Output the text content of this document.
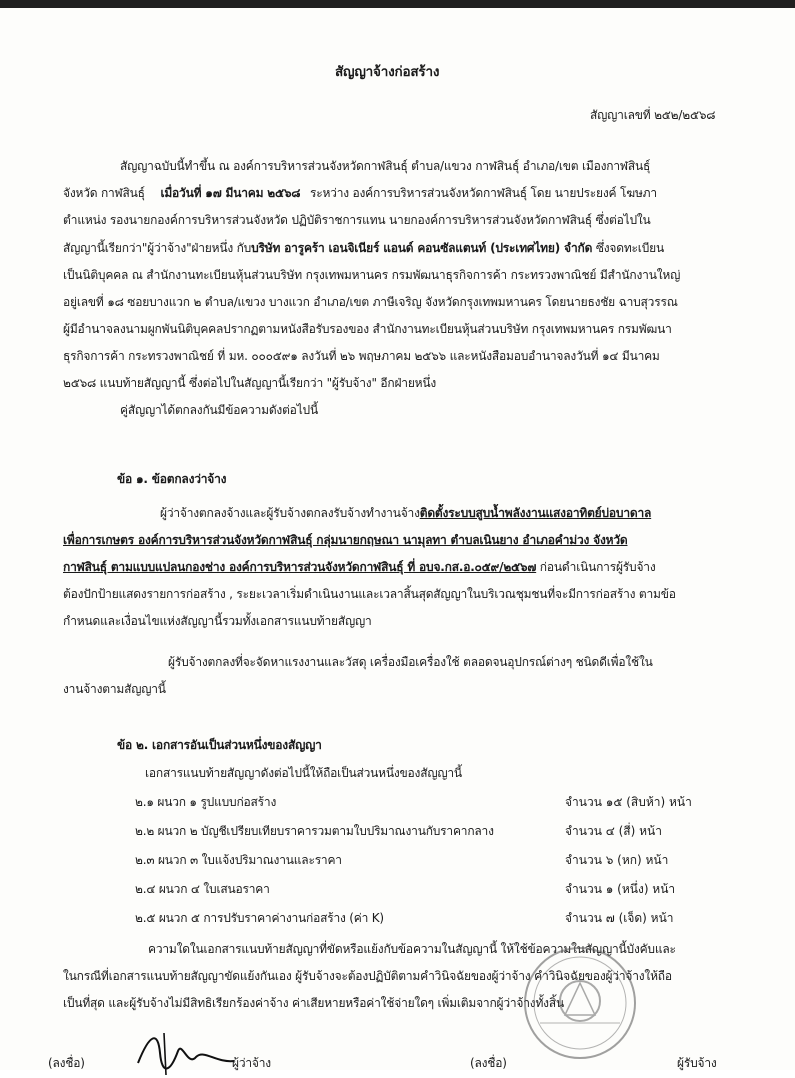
สัญญาจ้างก่อสร้าง
สัญญาเลขที่ ๒๕๒/๒๕๖๘
สัญญาฉบับนี้ทำขึ้น ณ องค์การบริหารส่วนจังหวัดกาฬสินธุ์ ตำบล/แขวง กาฬสินธุ์ อำเภอ/เขต เมืองกาฬสินธุ์
จังหวัด กาฬสินธุ์ เมื่อวันที่ ๑๗ มีนาคม ๒๕๖๘ ระหว่าง องค์การบริหารส่วนจังหวัดกาฬสินธุ์ โดย นายประยงค์ โฆษภา
ตำแหน่ง รองนายกองค์การบริหารส่วนจังหวัด ปฏิบัติราชการแทน นายกองค์การบริหารส่วนจังหวัดกาฬสินธุ์ ซึ่งต่อไปใน
สัญญานี้เรียกว่า"ผู้ว่าจ้าง"ฝ่ายหนึ่ง กับบริษัท อารูคร้า เอนจิเนียร์ แอนด์ คอนซัลแตนท์ (ประเทศไทย) จำกัด ซึ่งจดทะเบียน
เป็นนิติบุคคล ณ สำนักงานทะเบียนหุ้นส่วนบริษัท กรุงเทพมหานคร กรมพัฒนาธุรกิจการค้า กระทรวงพาณิชย์ มีสำนักงานใหญ่
อยู่เลขที่ ๑๘ ซอยบางแวก ๒ ตำบล/แขวง บางแวก อำเภอ/เขต ภาษีเจริญ จังหวัดกรุงเทพมหานคร โดยนายธงชัย ฉาบสุวรรณ
ผู้มีอำนาจลงนามผูกพันนิติบุคคลปรากฏตามหนังสือรับรองของ สำนักงานทะเบียนหุ้นส่วนบริษัท กรุงเทพมหานคร กรมพัฒนา
ธุรกิจการค้า กระทรวงพาณิชย์ ที่ มห. ๐๐๐๕๙๑ ลงวันที่ ๒๖ พฤษภาคม ๒๕๖๖ และหนังสือมอบอำนาจลงวันที่ ๑๔ มีนาคม
๒๕๖๘ แนบท้ายสัญญานี้ ซึ่งต่อไปในสัญญานี้เรียกว่า "ผู้รับจ้าง" อีกฝ่ายหนึ่ง
คู่สัญญาได้ตกลงกันมีข้อความดังต่อไปนี้
ข้อ ๑. ข้อตกลงว่าจ้าง
ผู้ว่าจ้างตกลงจ้างและผู้รับจ้างตกลงรับจ้างทำงานจ้างติดตั้งระบบสูบน้ำพลังงานแสงอาทิตย์บ่อบาดาล
เพื่อการเกษตร องค์การบริหารส่วนจังหวัดกาฬสินธุ์ กลุ่มนายกฤษณา นามุลทา ตำบลเนินยาง อำเภอคำม่วง จังหวัด
กาฬสินธุ์ ตามแบบแปลนกองช่าง องค์การบริหารส่วนจังหวัดกาฬสินธุ์ ที่ อบจ.กส.อ.๐๕๙/๒๕๖๗ ก่อนดำเนินการผู้รับจ้าง
ต้องปักป้ายแสดงรายการก่อสร้าง , ระยะเวลาเริ่มดำเนินงานและเวลาสิ้นสุดสัญญาในบริเวณชุมชนที่จะมีการก่อสร้าง ตามข้อ
กำหนดและเงื่อนไขแห่งสัญญานี้รวมทั้งเอกสารแนบท้ายสัญญา
ผู้รับจ้างตกลงที่จะจัดหาแรงงานและวัสดุ เครื่องมือเครื่องใช้ ตลอดจนอุปกรณ์ต่างๆ ชนิดดีเพื่อใช้ใน
งานจ้างตามสัญญานี้
ข้อ ๒. เอกสารอันเป็นส่วนหนึ่งของสัญญา
เอกสารแนบท้ายสัญญาดังต่อไปนี้ให้ถือเป็นส่วนหนึ่งของสัญญานี้
๒.๑ ผนวก ๑ รูปแบบก่อสร้าง	จำนวน ๑๕ (สิบห้า) หน้า
๒.๒ ผนวก ๒ บัญชีเปรียบเทียบราคารวมตามใบปริมาณงานกับราคากลาง	จำนวน ๔ (สี่) หน้า
๒.๓ ผนวก ๓ ใบแจ้งปริมาณงานและราคา	จำนวน ๖ (หก) หน้า
๒.๔ ผนวก ๔ ใบเสนอราคา	จำนวน ๑ (หนึ่ง) หน้า
๒.๕ ผนวก ๕ การปรับราคาค่างานก่อสร้าง (ค่า K)	จำนวน ๗ (เจ็ด) หน้า
ความใดในเอกสารแนบท้ายสัญญาที่ขัดหรือแย้งกับข้อความในสัญญานี้ ให้ใช้ข้อความในสัญญานี้บังคับและ
ในกรณีที่เอกสารแนบท้ายสัญญาขัดแย้งกันเอง ผู้รับจ้างจะต้องปฏิบัติตามคำวินิจฉัยของผู้ว่าจ้าง คำวินิจฉัยของผู้ว่าจ้างให้ถือ
เป็นที่สุด และผู้รับจ้างไม่มีสิทธิเรียกร้องค่าจ้าง ค่าเสียหายหรือค่าใช้จ่ายใดๆ เพิ่มเติมจากผู้ว่าจ้างทั้งสิ้น
(ลงชื่อ)	ผู้ว่าจ้าง	(ลงชื่อ)	ผู้รับจ้าง
